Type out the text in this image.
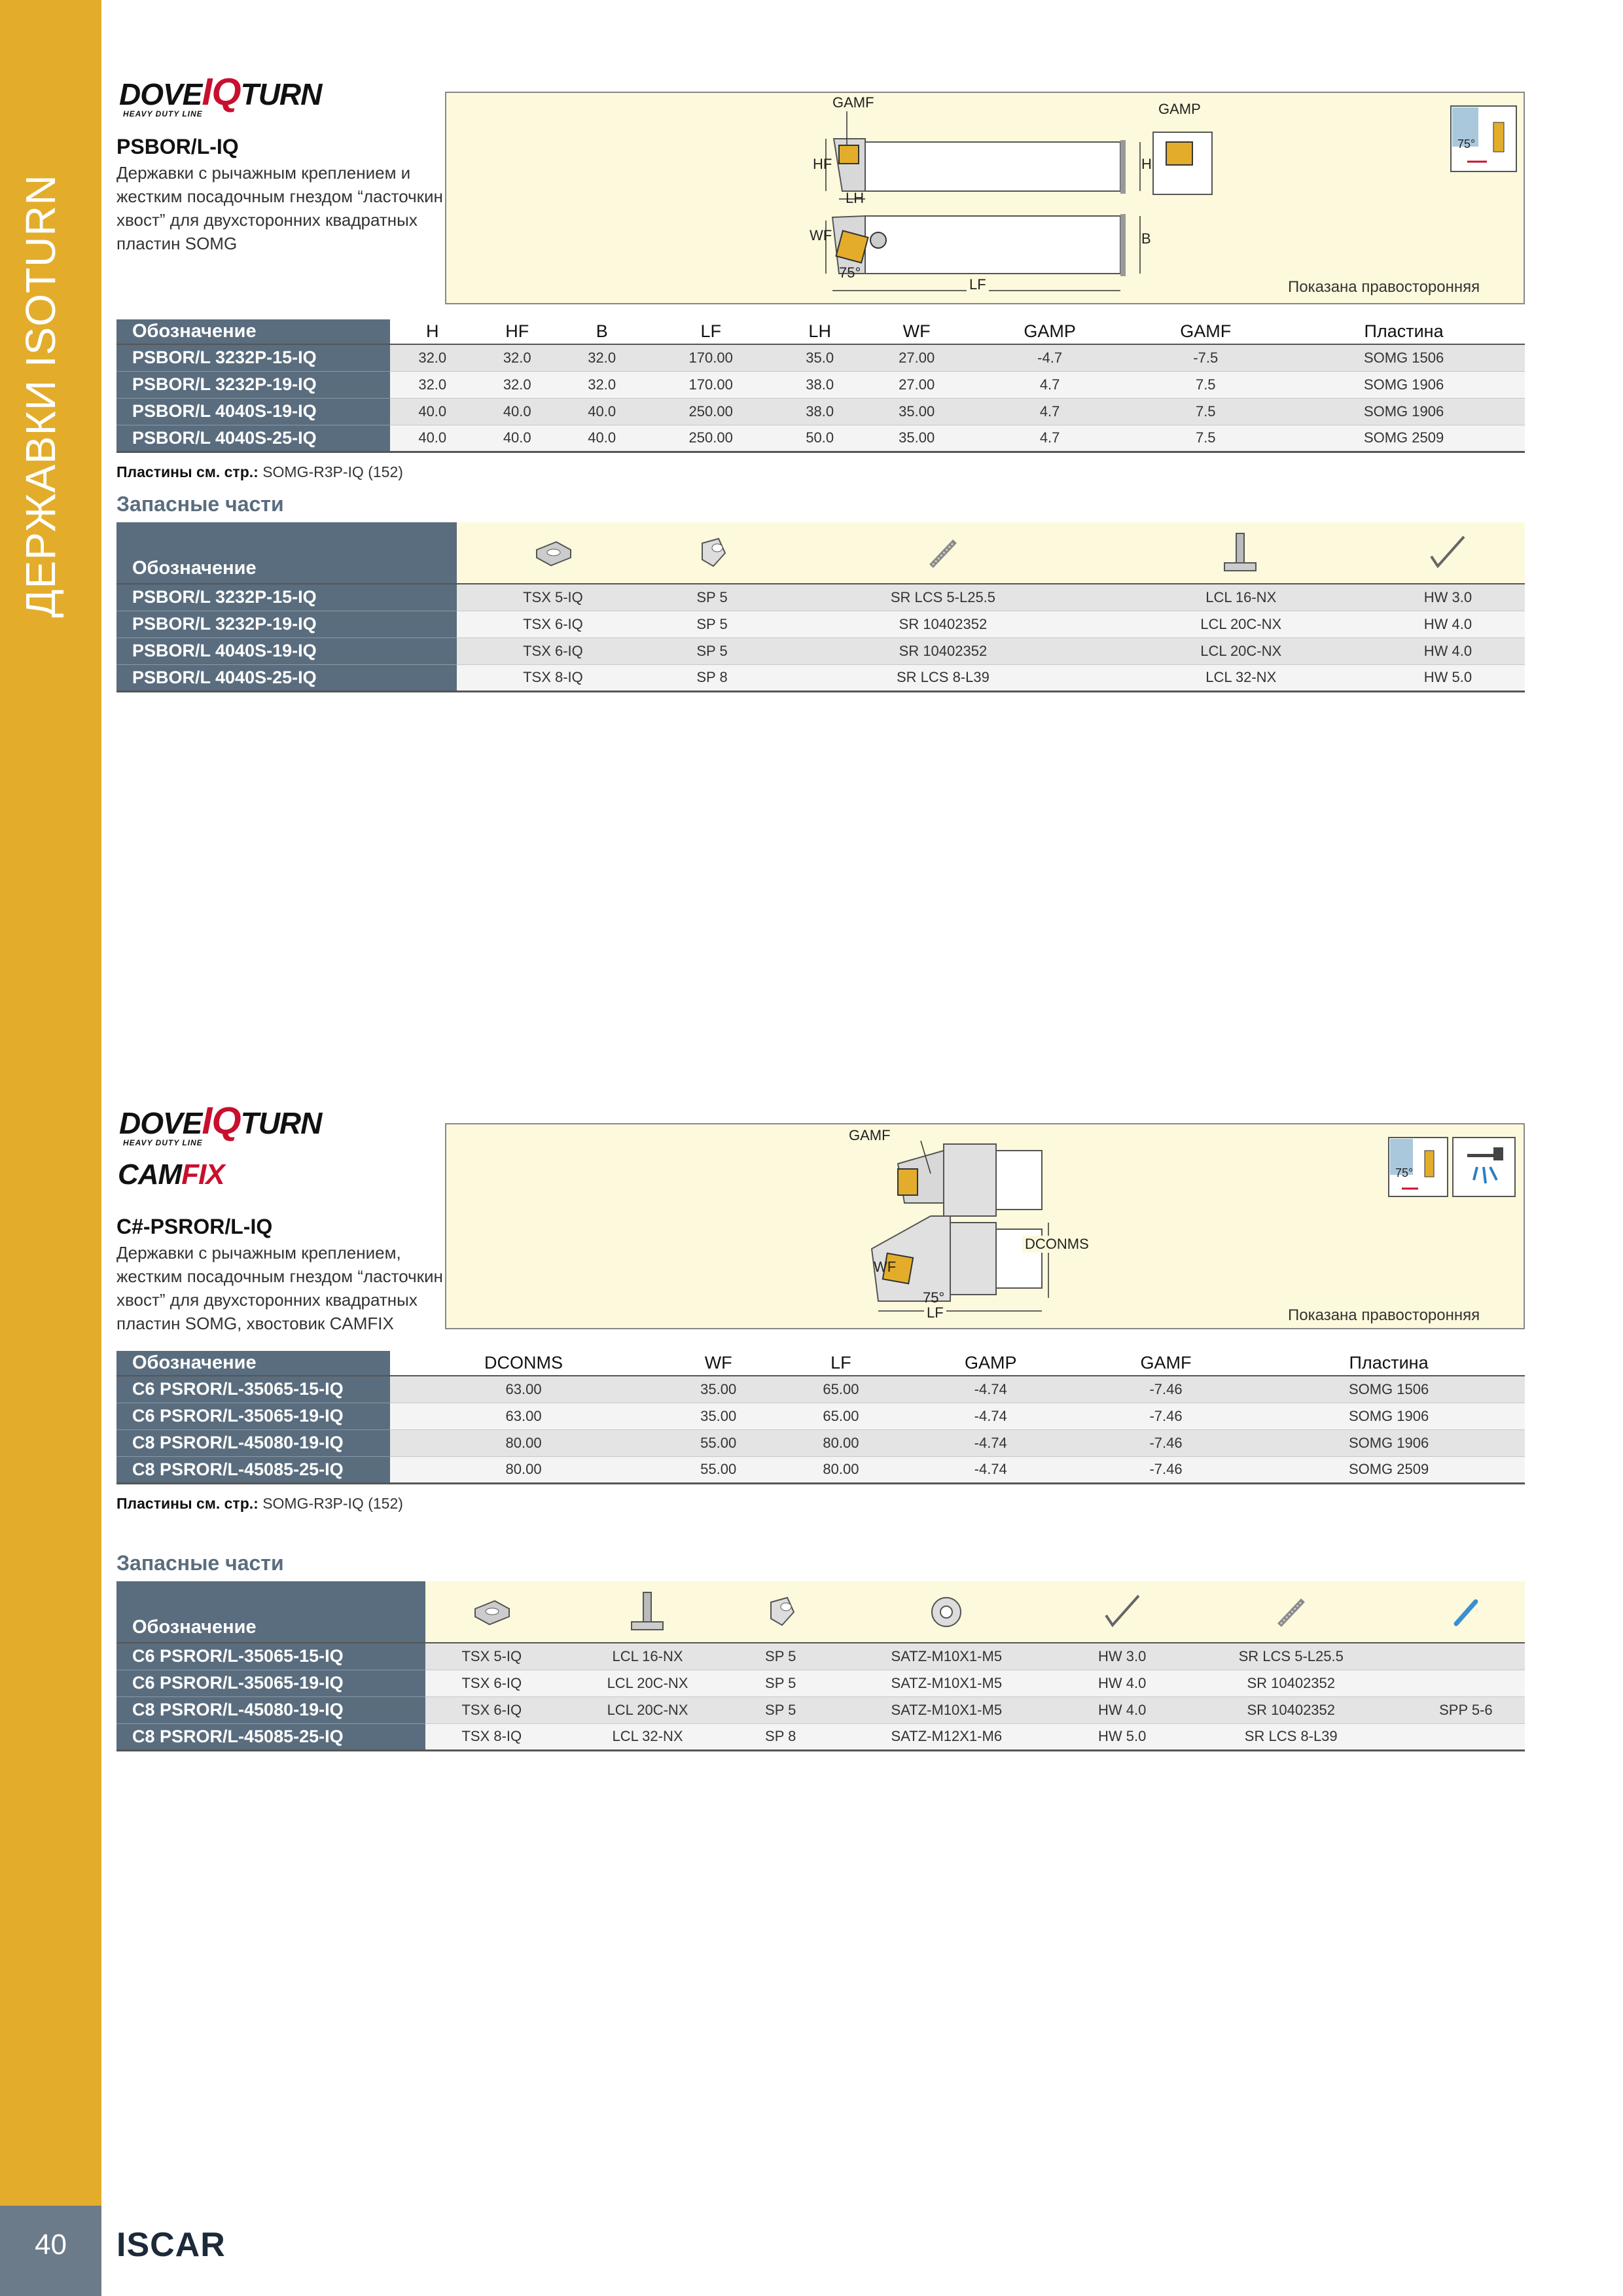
ДЕРЖАВКИ ISOTURN
40	ISCAR
DOVEIQTURN
HEAVY DUTY LINE
PSBOR/L-IQ
Державки с рычажным креплением и жестким посадочным гнездом “ласточкин хвост” для двухсторонних квадратных пластин SOMG
GAMF	GAMP
HF	H
LH
WF	B
LF
75°
75°
Показана правосторонняя
Обозначение	H	HF	B	LF	LH	WF	GAMP	GAMF	Пластина
PSBOR/L 3232P-15-IQ	32.0	32.0	32.0	170.00	35.0	27.00	-4.7	-7.5	SOMG 1506
PSBOR/L 3232P-19-IQ	32.0	32.0	32.0	170.00	38.0	27.00	4.7	7.5	SOMG 1906
PSBOR/L 4040S-19-IQ	40.0	40.0	40.0	250.00	38.0	35.00	4.7	7.5	SOMG 1906
PSBOR/L 4040S-25-IQ	40.0	40.0	40.0	250.00	50.0	35.00	4.7	7.5	SOMG 2509
Пластины см. стр.: SOMG-R3P-IQ (152)
Запасные части
Обозначение	

PSBOR/L 3232P-15-IQ	TSX 5-IQ	SP 5	SR LCS 5-L25.5	LCL 16-NX	HW 3.0
PSBOR/L 3232P-19-IQ	TSX 6-IQ	SP 5	SR 10402352	LCL 20C-NX	HW 4.0
PSBOR/L 4040S-19-IQ	TSX 6-IQ	SP 5	SR 10402352	LCL 20C-NX	HW 4.0
PSBOR/L 4040S-25-IQ	TSX 8-IQ	SP 8	SR LCS 8-L39	LCL 32-NX	HW 5.0
DOVEIQTURN
HEAVY DUTY LINE
CAMFIX
C#-PSROR/L-IQ
Державки с рычажным креплением, жестким посадочным гнездом “ласточкин хвост” для двухсторонних квадратных пластин SOMG, хвостовик CAMFIX
GAMF
DCONMS
WF
LF
75°
75°
Показана правосторонняя
Обозначение	DCONMS	WF	LF	GAMP	GAMF	Пластина
C6 PSROR/L-35065-15-IQ	63.00	35.00	65.00	-4.74	-7.46	SOMG 1506
C6 PSROR/L-35065-19-IQ	63.00	35.00	65.00	-4.74	-7.46	SOMG 1906
C8 PSROR/L-45080-19-IQ	80.00	55.00	80.00	-4.74	-7.46	SOMG 1906
C8 PSROR/L-45085-25-IQ	80.00	55.00	80.00	-4.74	-7.46	SOMG 2509
Пластины см. стр.: SOMG-R3P-IQ (152)
Запасные части
Обозначение	

C6 PSROR/L-35065-15-IQ	TSX 5-IQ	LCL 16-NX	SP 5	SATZ-M10X1-M5	HW 3.0	SR LCS 5-L25.5	
C6 PSROR/L-35065-19-IQ	TSX 6-IQ	LCL 20C-NX	SP 5	SATZ-M10X1-M5	HW 4.0	SR 10402352	
C8 PSROR/L-45080-19-IQ	TSX 6-IQ	LCL 20C-NX	SP 5	SATZ-M10X1-M5	HW 4.0	SR 10402352	SPP 5-6
C8 PSROR/L-45085-25-IQ	TSX 8-IQ	LCL 32-NX	SP 8	SATZ-M12X1-M6	HW 5.0	SR LCS 8-L39	
